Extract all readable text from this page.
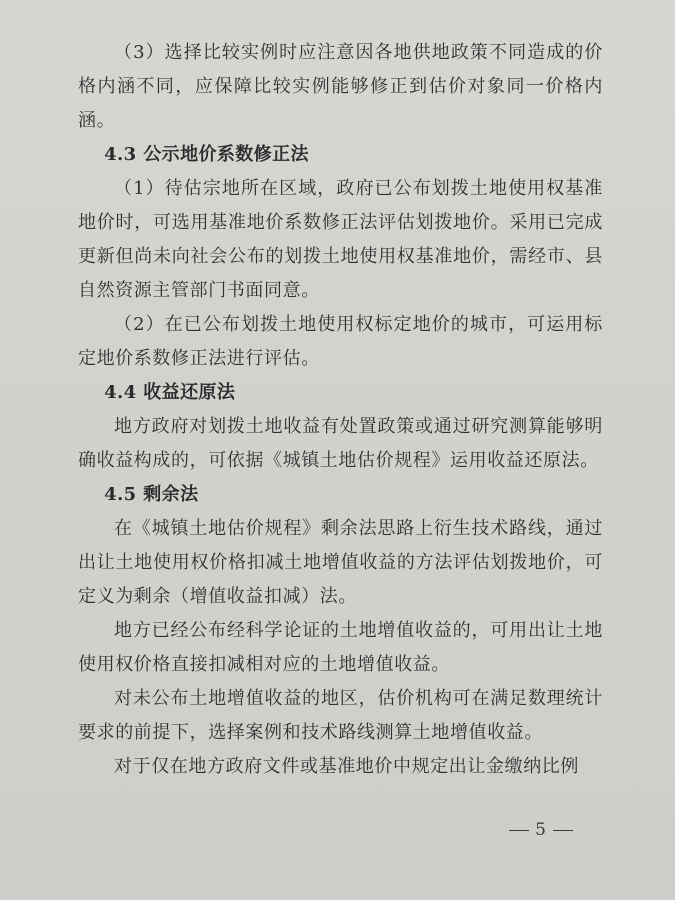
（3）选择比较实例时应注意因各地供地政策不同造成的价格内涵不同，应保障比较实例能够修正到估价对象同一价格内涵。

4.3 公示地价系数修正法

（1）待估宗地所在区域，政府已公布划拨土地使用权基准地价时，可选用基准地价系数修正法评估划拨地价。采用已完成更新但尚未向社会公布的划拨土地使用权基准地价，需经市、县自然资源主管部门书面同意。

（2）在已公布划拨土地使用权标定地价的城市，可运用标定地价系数修正法进行评估。

4.4 收益还原法

地方政府对划拨土地收益有处置政策或通过研究测算能够明确收益构成的，可依据《城镇土地估价规程》运用收益还原法。

4.5 剩余法

在《城镇土地估价规程》剩余法思路上衍生技术路线，通过出让土地使用权价格扣减土地增值收益的方法评估划拨地价，可定义为剩余（增值收益扣减）法。

地方已经公布经科学论证的土地增值收益的，可用出让土地使用权价格直接扣减相对应的土地增值收益。

对未公布土地增值收益的地区，估价机构可在满足数理统计要求的前提下，选择案例和技术路线测算土地增值收益。

对于仅在地方政府文件或基准地价中规定出让金缴纳比例

5
